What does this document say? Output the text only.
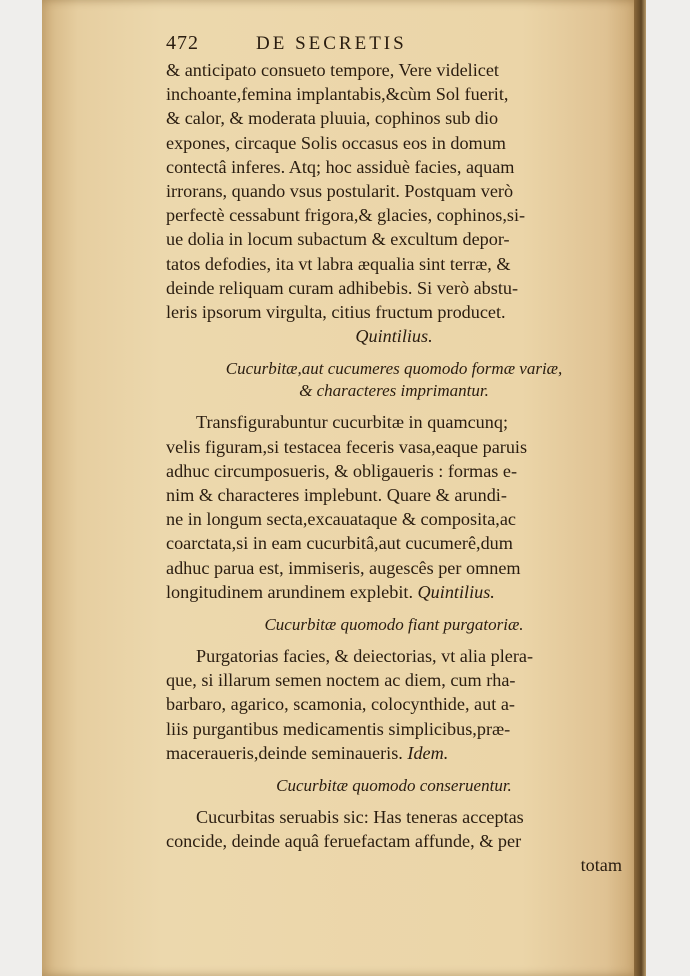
472	DE SECRETIS
& anticipato consueto tempore, Vere videlicet
inchoante,femina implantabis,&cùm Sol fuerit,
& calor, & moderata pluuia, cophinos sub dio
expones, circaque Solis occasus eos in domum
contectâ inferes. Atq; hoc assiduè facies, aquam
irrorans, quando vsus postularit. Postquam verò
perfectè cessabunt frigora,& glacies, cophinos,si-
ue dolia in locum subactum & excultum depor-
tatos defodies, ita vt labra æqualia sint terræ, &
deinde reliquam curam adhibebis. Si verò abstu-
leris ipsorum virgulta, citius fructum producet.
Quintilius.
Cucurbitæ,aut cucumeres quomodo formæ variæ,
& characteres imprimantur.
Transfigurabuntur cucurbitæ in quamcunq;
velis figuram,si testacea feceris vasa,eaque paruis
adhuc circumposueris, & obligaueris : formas e-
nim & characteres implebunt. Quare & arundi-
ne in longum secta,excauataque & composita,ac
coarctata,si in eam cucurbitâ,aut cucumerê,dum
adhuc parua est, immiseris, augescês per omnem
longitudinem arundinem explebit. Quintilius.
Cucurbitæ quomodo fiant purgatoriæ.
Purgatorias facies, & deiectorias, vt alia plera-
que, si illarum semen noctem ac diem, cum rha-
barbaro, agarico, scamonia, colocynthide, aut a-
liis purgantibus medicamentis simplicibus,præ-
maceraueris,deinde seminaueris. Idem.
Cucurbitæ quomodo conseruentur.
Cucurbitas seruabis sic: Has teneras acceptas
concide, deinde aquâ feruefactam affunde, & per
totam
